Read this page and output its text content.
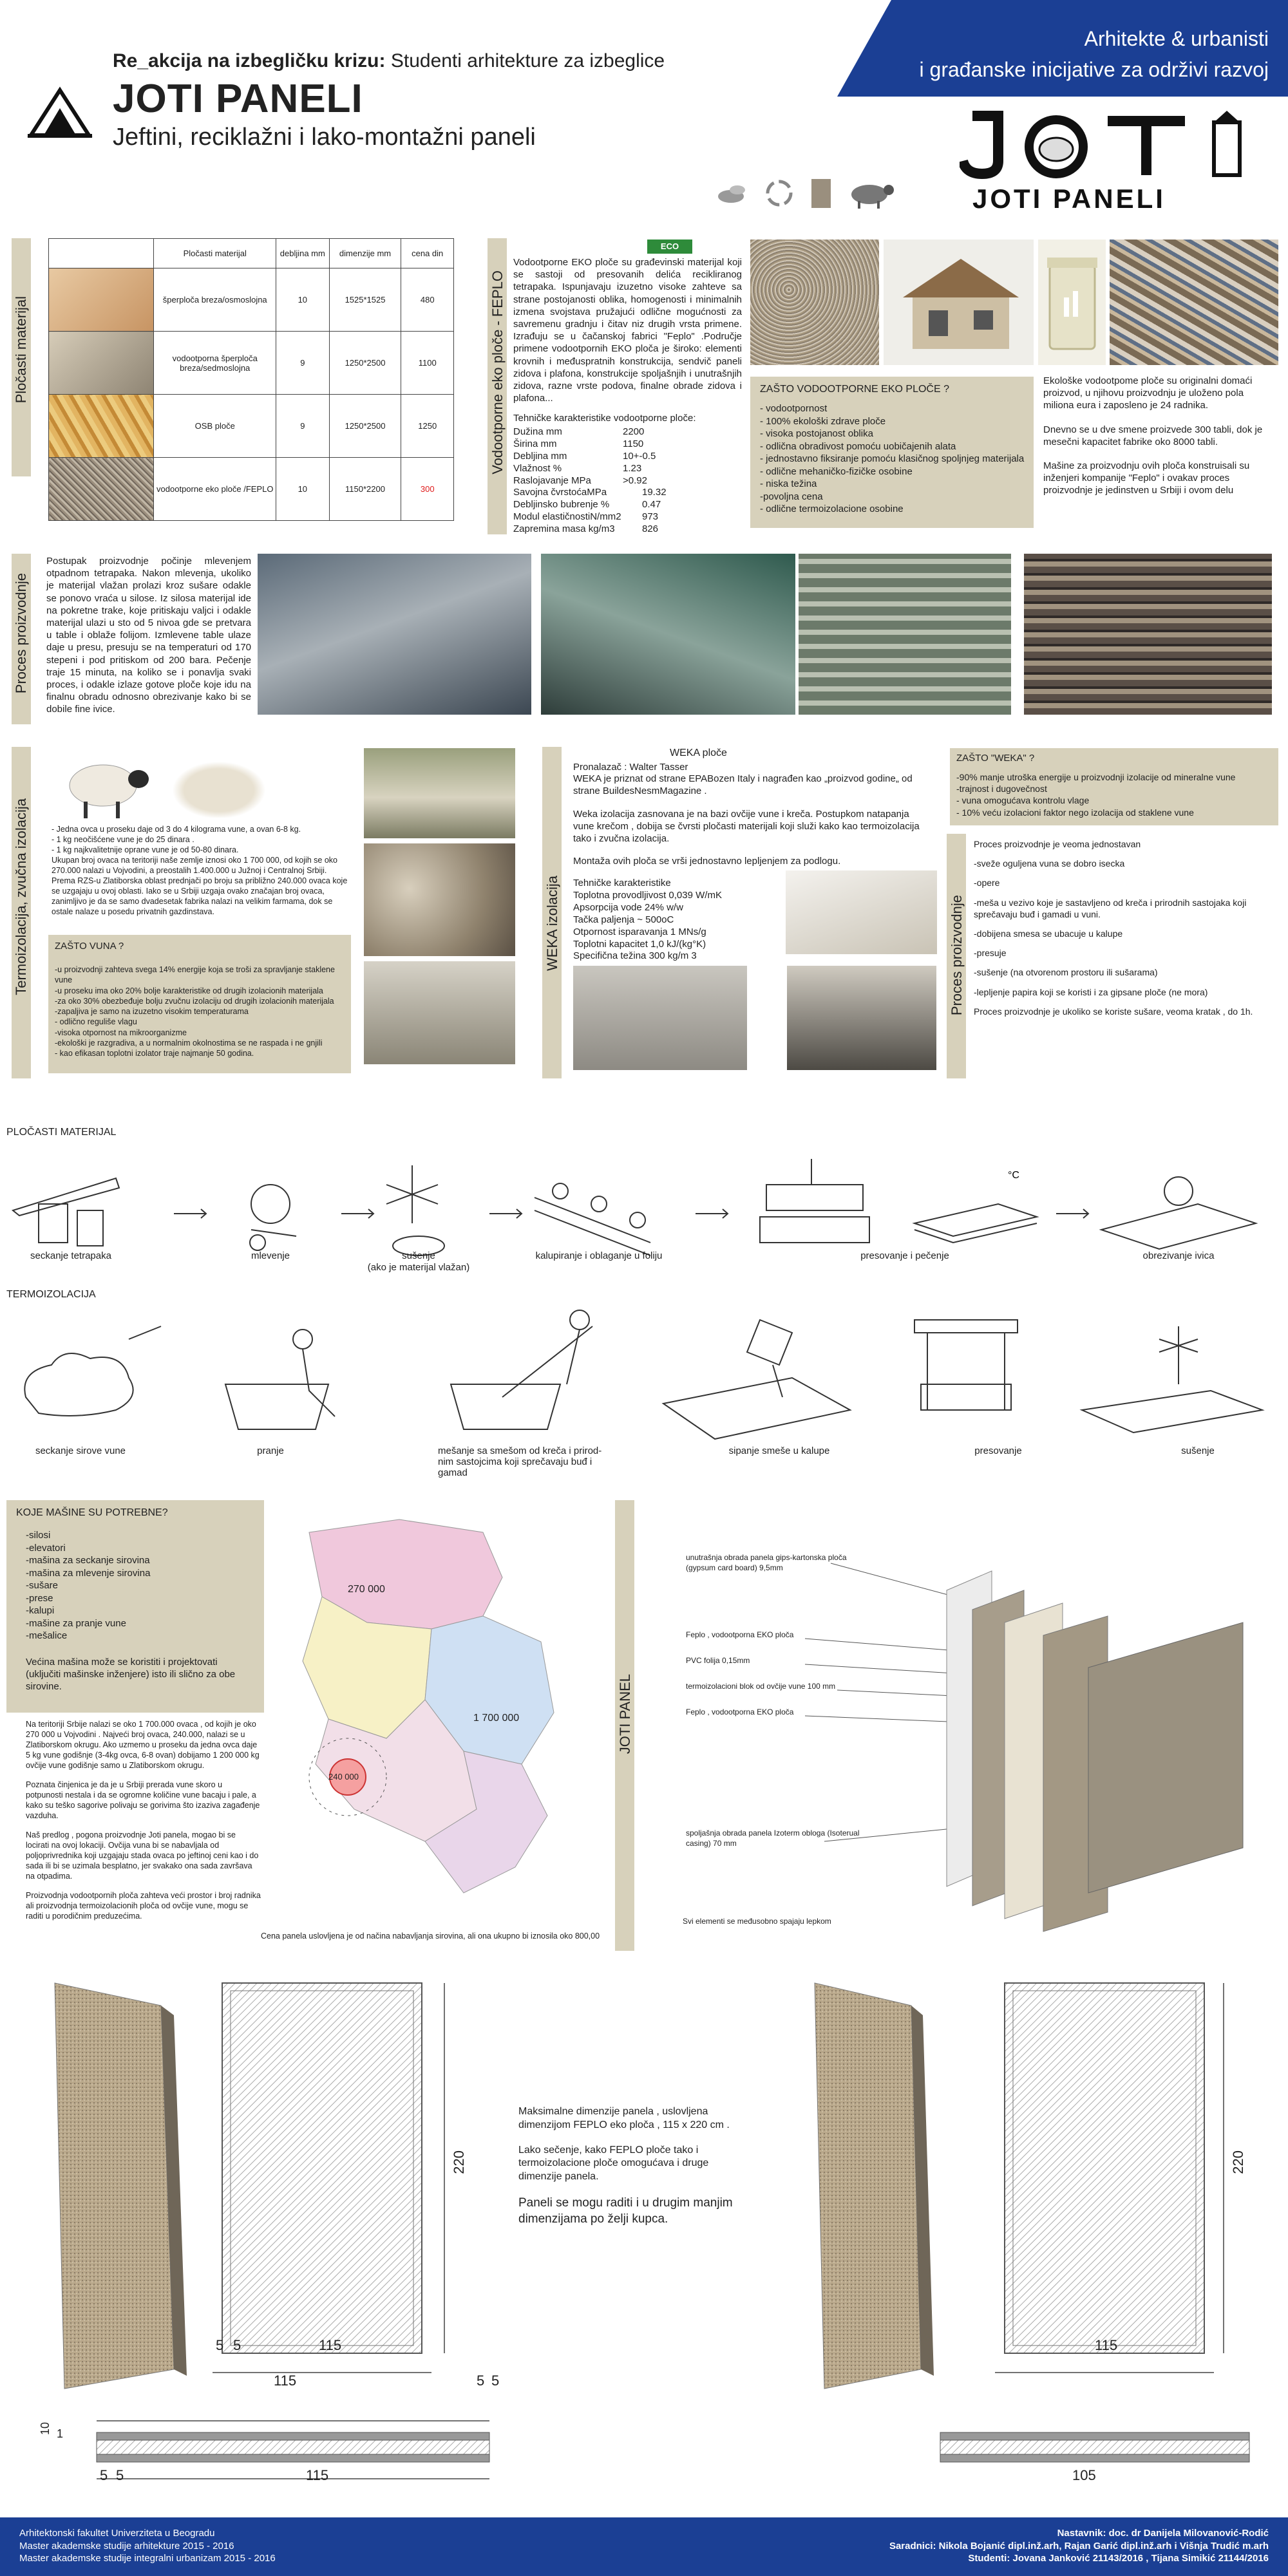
Re_akcija na izbegličku krizu: Studenti arhitekture za izbeglice
JOTI PANELI
Jeftini, reciklažni i lako-montažni paneli
Arhitekte & urbanisti
i građanske inicijative za održivi razvoj
JOTI PANELI
Pločasti materijal
	Pločasti materijal	debljina mm	dimenzije mm	cena din
	šperploča breza/osmoslojna	10	1525*1525	480
	vodootporna šperploča breza/sedmoslojna	9	1250*2500	1100
	OSB ploče	9	1250*2500	1250
	vodootporne eko ploče /FEPLO	10	1150*2200	300
Vodootporne eko ploče - FEPLO
ECO
Vodootporne EKO ploče su građevinski materijal koji se sastoji od presovanih delića recikliranog tetrapaka. Ispunjavaju izuzetno visoke zahteve sa strane postojanosti oblika, homogenosti i minimalnih izmena svojstava pružajući odlične mogućnosti za savremenu gradnju i čitav niz drugih vrsta primene. Izrađuju se u čačanskoj fabrici "Feplo" .Područje primene vodootpornih EKO ploča je široko: elementi krovnih i međuspratnih konstrukcija, sendvič paneli zidova i plafona, konstrukcije spoljašnjih i unutrašnjih zidova, razne vrste podova, finalne obrade zidova i plafona...
Tehničke karakteristike vodootporne ploče:
Dužina mm	2200
Širina mm	1150
Debljina mm	10+-0.5
Vlažnost %	1.23
Raslojavanje MPa	>0.92
Savojna čvrstoćaMPa	19.32
Debljinsko bubrenje %	0.47
Modul elastičnostiN/mm2 973
Zapremina masa kg/m3	826
ZAŠTO VODOOTPORNE EKO PLOČE ?
- vodootpornost
- 100% ekološki zdrave ploče
- visoka postojanost oblika
- odlična obradivost pomoću uobičajenih alata
- jednostavno fiksiranje pomoću klasičnog spoljnjeg materijala
- odlične mehaničko-fizičke osobine
- niska težina
-povoljna cena
- odlične termoizolacione osobine

Ekološke vodootpome ploče su originalni domaći proizvod, u njihovu proizvodnju je uloženo pola miliona eura i zaposleno je 24 radnika.

Dnevno se u dve smene proizvede 300 tabli, dok je mesečni kapacitet fabrike oko 8000 tabli.

Mašine za proizvodnju ovih ploča konstruisali su inženjeri kompanije "Feplo" i ovakav proces proizvodnje je jedinstven u Srbiji i ovom delu

Proces proizvodnje
Postupak proizvodnje počinje mlevenjem otpadnom tetrapaka. Nakon mlevenja, ukoliko je materijal vlažan prolazi kroz sušare odakle se ponovo vraća u silose. Iz silosa materijal ide na pokretne trake, koje pritiskaju valjci i odakle materijal ulazi u sto od 5 nivoa gde se pretvara u table i oblaže folijom. Izmlevene table ulaze daje u presu, presuju se na temperaturi od 170 stepeni i pod pritiskom od 200 bara. Pečenje traje 15 minuta, na koliko se i ponavlja svaki proces, i odakle izlaze gotove ploče koje idu na finalnu obradu odnosno obrezivanje kako bi se dobile fine ivice.
Termoizolacija, zvučna izolacija	- Jedna ovca u proseku daje od 3 do 4 kilograma vune, a ovan 6-8 kg.
- 1 kg neočišćene vune je do 25 dinara .
- 1 kg najkvalitetnije oprane vune je od 50-80 dinara.
Ukupan broj ovaca na teritoriji naše zemlje iznosi oko 1 700 000, od kojih se oko 270.000 nalazi u Vojvodini, a preostalih 1.400.000 u Južnoj i Centralnoj Srbiji. Prema RZS-u Zlatiborska oblast prednjači po broju sa približno 240.000 ovaca koje se uzgajaju u ovoj oblasti. Iako se u Srbiji uzgaja ovako značajan broj ovaca, zanimljivo je da se samo dvadesetak fabrika nalazi na velikim farmama, dok se ostale nalaze u posedu privatnih gazdinstava.
ZAŠTO VUNA ?
-u proizvodnji zahteva svega 14% energije koja se troši za spravljanje staklene vune
-u proseku ima oko 20% bolje karakteristike od drugih izolacionih materijala
-za oko 30% obezbeđuje bolju zvučnu izolaciju od drugih izolacionih materijala
-zapaljiva je samo na izuzetno visokim temperaturama
- odlično reguliše vlagu
-visoka otpornost na mikroorganizme
-ekološki je razgradiva, a u normalnim okolnostima se ne raspada i ne gnjili
- kao efikasan toplotni izolator traje najmanje 50 godina.
WEKA izolacija
WEKA ploče
Pronalazač : Walter Tasser
WEKA je priznat od strane EPABozen Italy i nagrađen kao „proizvod godine„ od strane BuildesNesmMagazine .
Weka izolacija zasnovana je na bazi ovčije vune i kreča. Postupkom natapanja vune krečom , dobija se čvrsti pločasti materijali koji služi kako kao termoizolacija tako i zvučna izolacija.
Montaža ovih ploča se vrši jednostavno lepljenjem za podlogu.
Tehničke karakteristike
Toplotna provodljivost 0,039 W/mK
Apsorpcija vode 24% w/w
Tačka paljenja ~ 500oC
Otpornost isparavanja 1 MNs/g
Toplotni kapacitet 1,0 kJ/(kg°K)
Specifična težina 300 kg/m 3
ZAŠTO "WEKA" ?
-90% manje utroška energije u proizvodnji izolacije od mineralne vune
-trajnost i dugovečnost
- vuna omogućava kontrolu vlage
- 10% veću izolacioni faktor nego izolacija od staklene vune
Proces proizvodnje

Proces proizvodnje je veoma jednostavan

-sveže ogulјena vuna se dobro isecka

-opere

-meša u vezivo koje je sastavljeno od kreča i prirodnih sastojaka koji sprečavaju buđ i gamadi u vuni.

-dobijena smesa se ubacuje u kalupe

-presuje

-sušenje (na otvorenom prostoru ili sušarama)

-lepljenje papira koji se koristi i za gipsane ploče (ne mora)

Proces proizvodnje je ukoliko se koriste sušare, veoma kratak , do 1h.

PLOČASTI MATERIJAL
°C
seckanje tetrapaka	mlevenje	sušenje
(ako je materijal vlažan)
kalupiranje i oblaganje u foliju	presovanje i pečenje	obrezivanje ivica
TERMOIZOLACIJA
seckanje sirove vune	pranje	mešanje sa smešom od kreča i prirod-nim sastojcima koji sprečavaju buđ i gamad
sipanje smeše u kalupe	presovanje	sušenje
KOJE MAŠINE SU POTREBNE?
-silosi
-elevatori
-mašina za seckanje sirovina
-mašina za mlevenje sirovina
-sušare
-prese
-kalupi
-mašine za pranje vune
-mešalice
Većina mašina može se koristiti i projektovati (uključiti mašinske inženjere) isto ili slično za obe sirovine.

Na teritoriji Srbije nalazi se oko 1 700.000 ovaca , od kojih je oko 270 000 u Vojvodini . Najveći broj ovaca, 240.000, nalazi se u Zlatiborskom okrugu. Ako uzmemo u proseku da jedna ovca daje 5 kg vune godišnje (3-4kg ovca, 6-8 ovan) dobijamo 1 200 000 kg ovčije vune godišnje samo u Zlatiborskom okrugu.

Poznata činjenica je da je u Srbiji prerada vune skoro u potpunosti nestala i da se ogromne količine vune bacaju i pale, a kako su teško sagorive polivaju se gorivima što izaziva zagađenje vazduha.

Naš predlog , pogona proizvodnje Joti panela, mogao bi se locirati na ovoj lokaciji. Ovčija vuna bi se nabavljala od poljoprivrednika koji uzgajaju stada ovaca po jeftinoj ceni kao i do sada ili bi se uzimala besplatno, jer svakako ona sada završava na otpadima.

Proizvodnja vodootpornih ploča zahteva veći prostor i broj radnika ali proizvodnja termoizolacionih ploča od ovčije vune, mogu se raditi u porodičnim preduzećima.

270 000
1 700 000
240 000
Cena panela uslovljena je od načina nabavljanja sirovina, ali ona ukupno bi iznosila oko 800,00
JOTI PANEL
unutrašnja obrada panela gips-kartonska ploča (gypsum card board) 9,5mm
Feplo , vodootporna EKO ploča
PVC folija 0,15mm
termoizolacioni blok od ovčije vune 100 mm
Feplo , vodootporna EKO ploča
spoljašnja obrada panela Izoterm obloga (Isoterual casing) 70 mm
Svi elementi se međusobno spajaju lepkom
220	220
5 5	115	115
115	5 5
10 1
5 5	115	105

Maksimalne dimenzije panela , uslovljena dimenzijom FEPLO eko ploča , 115 x 220 cm .

Lako sečenje, kako FEPLO ploče tako i termoizolacione ploče omogućava i druge dimenzije panela.

Paneli se mogu raditi i u drugim manjim dimenzijama po želji kupca.

Arhitektonski fakultet Univerziteta u Beogradu
Master akademske studije arhitekture 2015 - 2016
Master akademske studije integralni urbanizam 2015 - 2016
Nastavnik: doc. dr Danijela Milovanović-Rodić
Saradnici: Nikola Bojanić dipl.inž.arh, Rajan Garić dipl.inž.arh i Višnja Trudić m.arh
Studenti: Jovana Janković 21143/2016 , Tijana Simikić 21144/2016
